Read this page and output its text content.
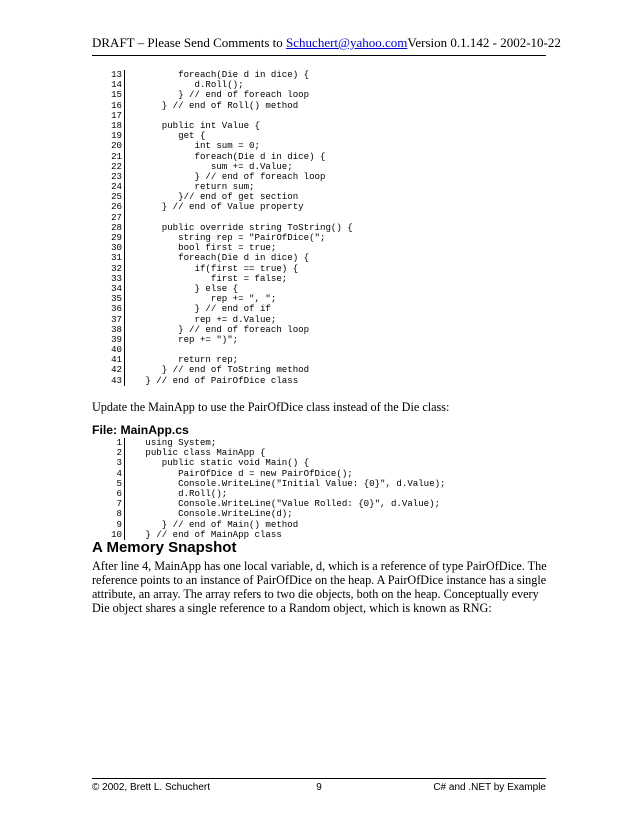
DRAFT – Please Send Comments to Schuchert@yahoo.com Version 0.1.142 - 2002-10-22
13         foreach(Die d in dice) {
14            d.Roll();
15         } // end of foreach loop
16      } // end of Roll() method
17
18      public int Value {
19         get {
20            int sum = 0;
21            foreach(Die d in dice) {
22               sum += d.Value;
23            } // end of foreach loop
24            return sum;
25         }// end of get section
26      } // end of Value property
27
28      public override string ToString() {
29         string rep = "PairOfDice(";
30         bool first = true;
31         foreach(Die d in dice) {
32            if(first == true) {
33               first = false;
34            } else {
35               rep += ", ";
36            } // end of if
37            rep += d.Value;
38         } // end of foreach loop
39         rep += ")";
40
41         return rep;
42      } // end of ToString method
43   } // end of PairOfDice class
Update the MainApp to use the PairOfDice class instead of the Die class:
File: MainApp.cs
1   using System;
2   public class MainApp {
3      public static void Main() {
4         PairOfDice d = new PairOfDice();
5         Console.WriteLine("Initial Value: {0}", d.Value);
6         d.Roll();
7         Console.WriteLine("Value Rolled: {0}", d.Value);
8         Console.WriteLine(d);
9      } // end of Main() method
10   } // end of MainApp class
A Memory Snapshot
After line 4, MainApp has one local variable, d, which is a reference of type PairOfDice. The reference points to an instance of PairOfDice on the heap. A PairOfDice instance has a single attribute, an array. The array refers to two die objects, both on the heap. Conceptually every Die object shares a single reference to a Random object, which is known as RNG:
© 2002, Brett L. Schuchert	9	C# and .NET by Example
